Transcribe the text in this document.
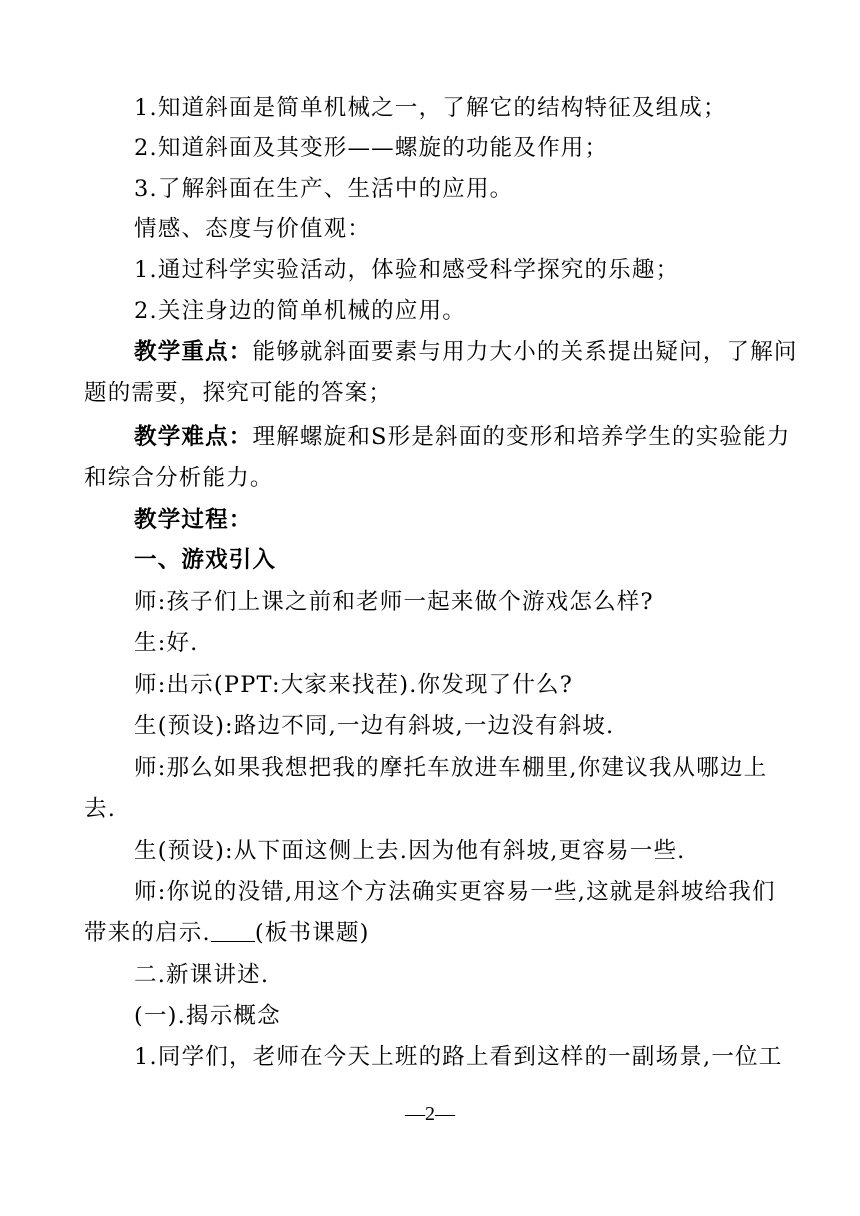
1.知道斜面是简单机械之一，了解它的结构特征及组成；
2.知道斜面及其变形——螺旋的功能及作用；
3.了解斜面在生产、生活中的应用。
情感、态度与价值观：
1.通过科学实验活动，体验和感受科学探究的乐趣；
2.关注身边的简单机械的应用。
教学重点：能够就斜面要素与用力大小的关系提出疑问，了解问
题的需要，探究可能的答案；
教学难点：理解螺旋和S形是斜面的变形和培养学生的实验能力
和综合分析能力。
教学过程：
一、游戏引入
师:孩子们上课之前和老师一起来做个游戏怎么样?
生:好.
师:出示(PPT:大家来找茬).你发现了什么?
生(预设):路边不同,一边有斜坡,一边没有斜坡.
师:那么如果我想把我的摩托车放进车棚里,你建议我从哪边上
去.
生(预设):从下面这侧上去.因为他有斜坡,更容易一些.
师:你说的没错,用这个方法确实更容易一些,这就是斜坡给我们
带来的启示. (板书课题)
二.新课讲述.
(一).揭示概念
1.同学们，老师在今天上班的路上看到这样的一副场景,一位工
—2—
